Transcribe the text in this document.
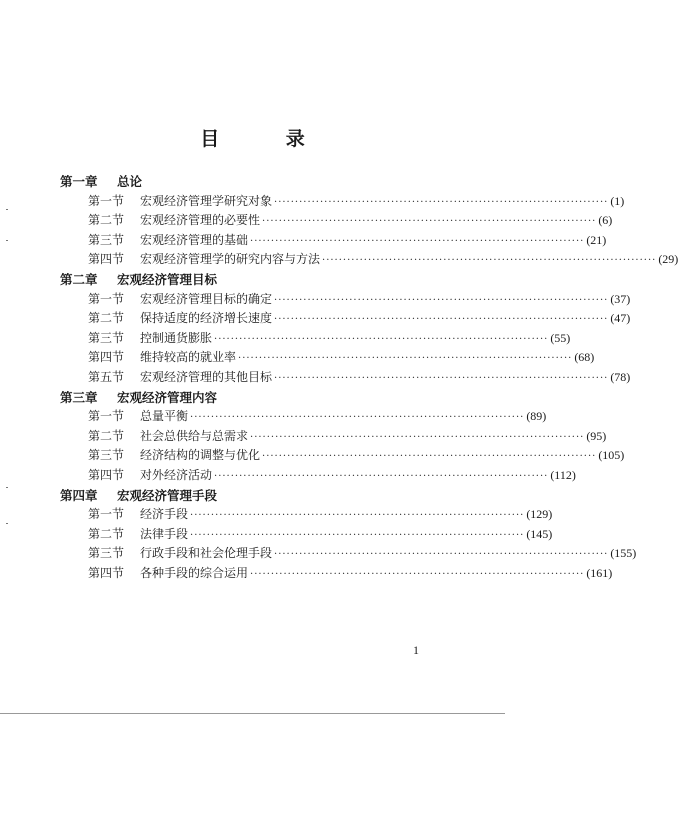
目 录
第一章 总论
第一节	宏观经济管理学研究对象 ················································································ (1)
第二节	宏观经济管理的必要性 ················································································ (6)
第三节	宏观经济管理的基础 ················································································ (21)
第四节	宏观经济管理学的研究内容与方法 ················································································ (29)
第二章 宏观经济管理目标
第一节	宏观经济管理目标的确定 ················································································ (37)
第二节	保持适度的经济增长速度 ················································································ (47)
第三节	控制通货膨胀 ················································································ (55)
第四节	维持较高的就业率 ················································································ (68)
第五节	宏观经济管理的其他目标 ················································································ (78)
第三章 宏观经济管理内容
第一节	总量平衡 ················································································ (89)
第二节	社会总供给与总需求 ················································································ (95)
第三节	经济结构的调整与优化 ················································································ (105)
第四节	对外经济活动 ················································································ (112)
第四章 宏观经济管理手段
第一节	经济手段 ················································································ (129)
第二节	法律手段 ················································································ (145)
第三节	行政手段和社会伦理手段 ················································································ (155)
第四节	各种手段的综合运用 ················································································ (161)
1
